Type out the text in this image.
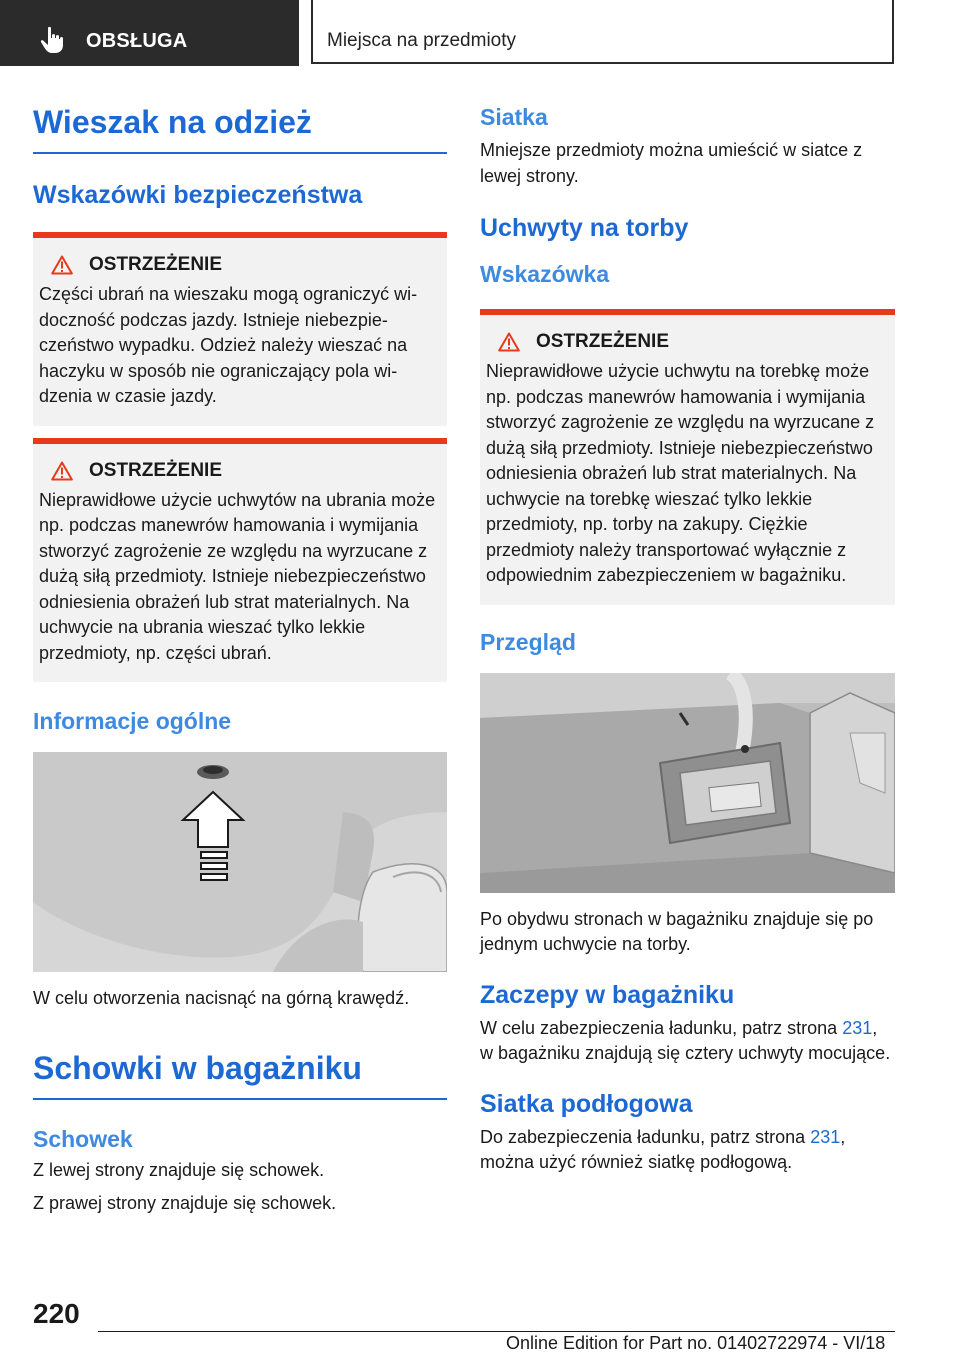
OBSŁUGA	Miejsca na przedmioty
Wieszak na odzież
Wskazówki bezpieczeństwa
OSTRZEŻENIE

Części ubrań na wieszaku mogą ograniczyć widoczność podczas jazdy. Istnieje niebezpieczeństwo wypadku. Odzież należy wieszać na haczyku w sposób nie ograniczający pola widzenia w czasie jazdy.

OSTRZEŻENIE

Nieprawidłowe użycie uchwytów na ubrania może np. podczas manewrów hamowania i wymijania stworzyć zagrożenie ze względu na wyrzucane z dużą siłą przedmioty. Istnieje niebezpieczeństwo odniesienia obrażeń lub strat materialnych. Na uchwycie na ubrania wieszać tylko lekkie przedmioty, np. części ubrań.

Informacje ogólne

W celu otworzenia nacisnąć na górną krawędź.

Schowki w bagażniku
Schowek

Z lewej strony znajduje się schowek.

Z prawej strony znajduje się schowek.

Siatka

Mniejsze przedmioty można umieścić w siatce z lewej strony.

Uchwyty na torby
Wskazówka
OSTRZEŻENIE

Nieprawidłowe użycie uchwytu na torebkę może np. podczas manewrów hamowania i wymijania stworzyć zagrożenie ze względu na wyrzucane z dużą siłą przedmioty. Istnieje niebezpieczeństwo odniesienia obrażeń lub strat materialnych. Na uchwycie na torebkę wieszać tylko lekkie przedmioty, np. torby na zakupy. Ciężkie przedmioty należy transportować wyłącznie z odpowiednim zabezpieczeniem w bagażniku.

Przegląd

Po obydwu stronach w bagażniku znajduje się po jednym uchwycie na torby.

Zaczepy w bagażniku

W celu zabezpieczenia ładunku, patrz strona 231, w bagażniku znajdują się cztery uchwyty mocujące.

Siatka podłogowa

Do zabezpieczenia ładunku, patrz strona 231, można użyć również siatkę podłogową.

220
Online Edition for Part no. 01402722974 - VI/18
